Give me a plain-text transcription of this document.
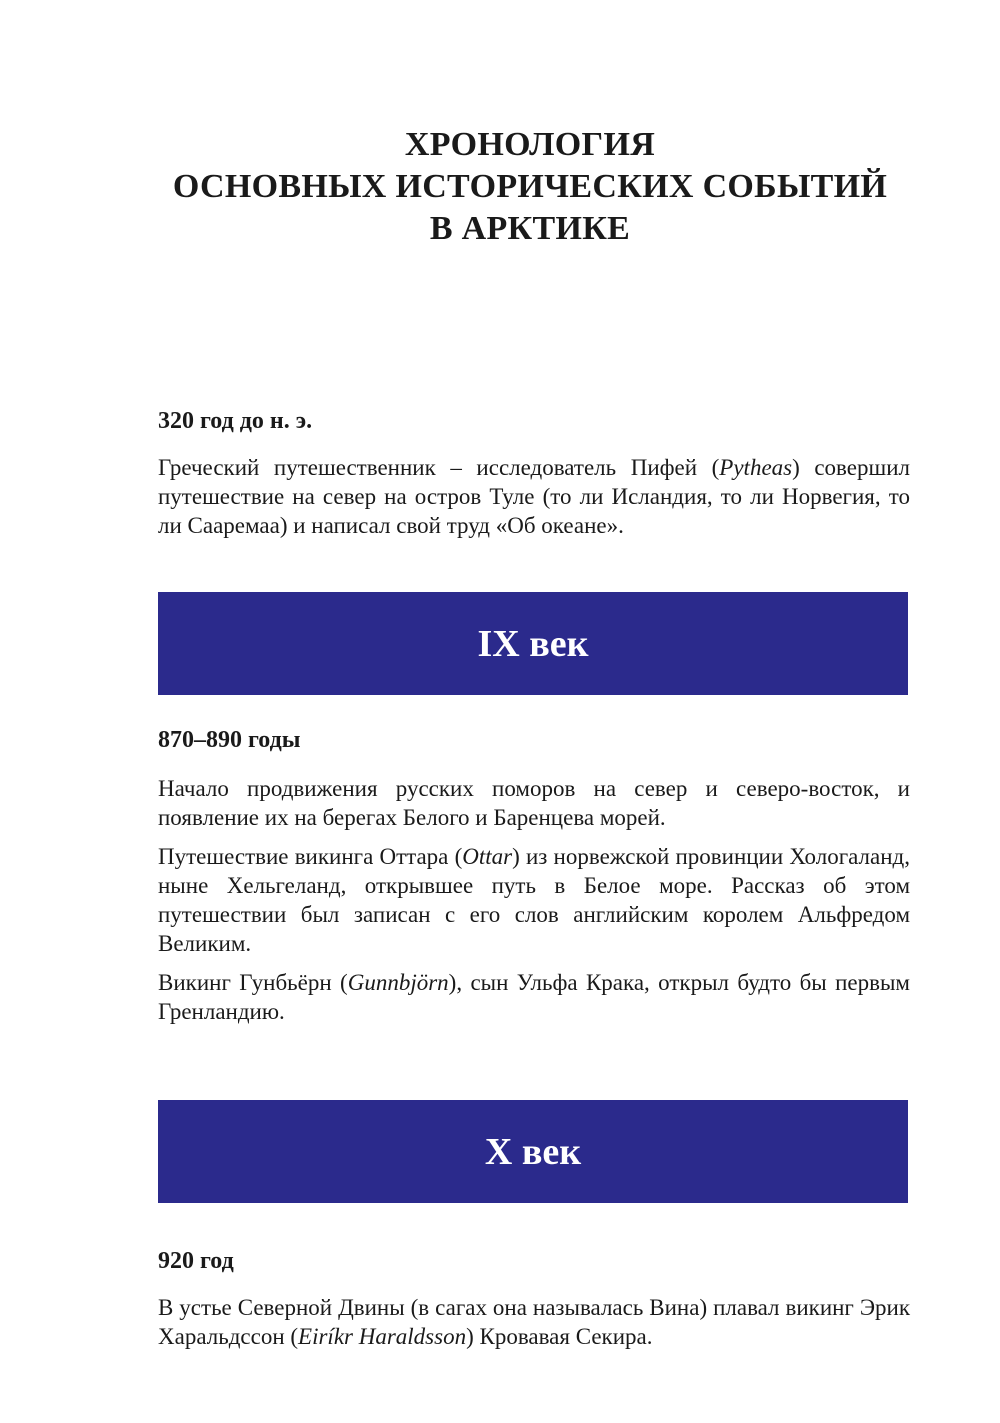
ХРОНОЛОГИЯ
ОСНОВНЫХ ИСТОРИЧЕСКИХ СОБЫТИЙ
В АРКТИКЕ

320 год до н. э.

Греческий путешественник – исследователь Пифей (Pytheas) совершил путешествие на север на остров Туле (то ли Исландия, то ли Норвегия, то ли Сааремаа) и написал свой труд «Об океане».

IX век

870–890 годы

Начало продвижения русских поморов на север и северо-восток, и появление их на берегах Белого и Баренцева морей.

Путешествие викинга Оттара (Ottar) из норвежской провинции Хологаланд, ныне Хельгеланд, открывшее путь в Белое море. Рассказ об этом путешествии был записан с его слов английским королем Альфредом Великим.

Викинг Гунбьёрн (Gunnbjörn), сын Ульфа Крака, открыл будто бы первым Гренландию.

X век

920 год

В устье Северной Двины (в сагах она называлась Вина) плавал викинг Эрик Харальдссон (Eiríkr Haraldsson) Кровавая Секира.
